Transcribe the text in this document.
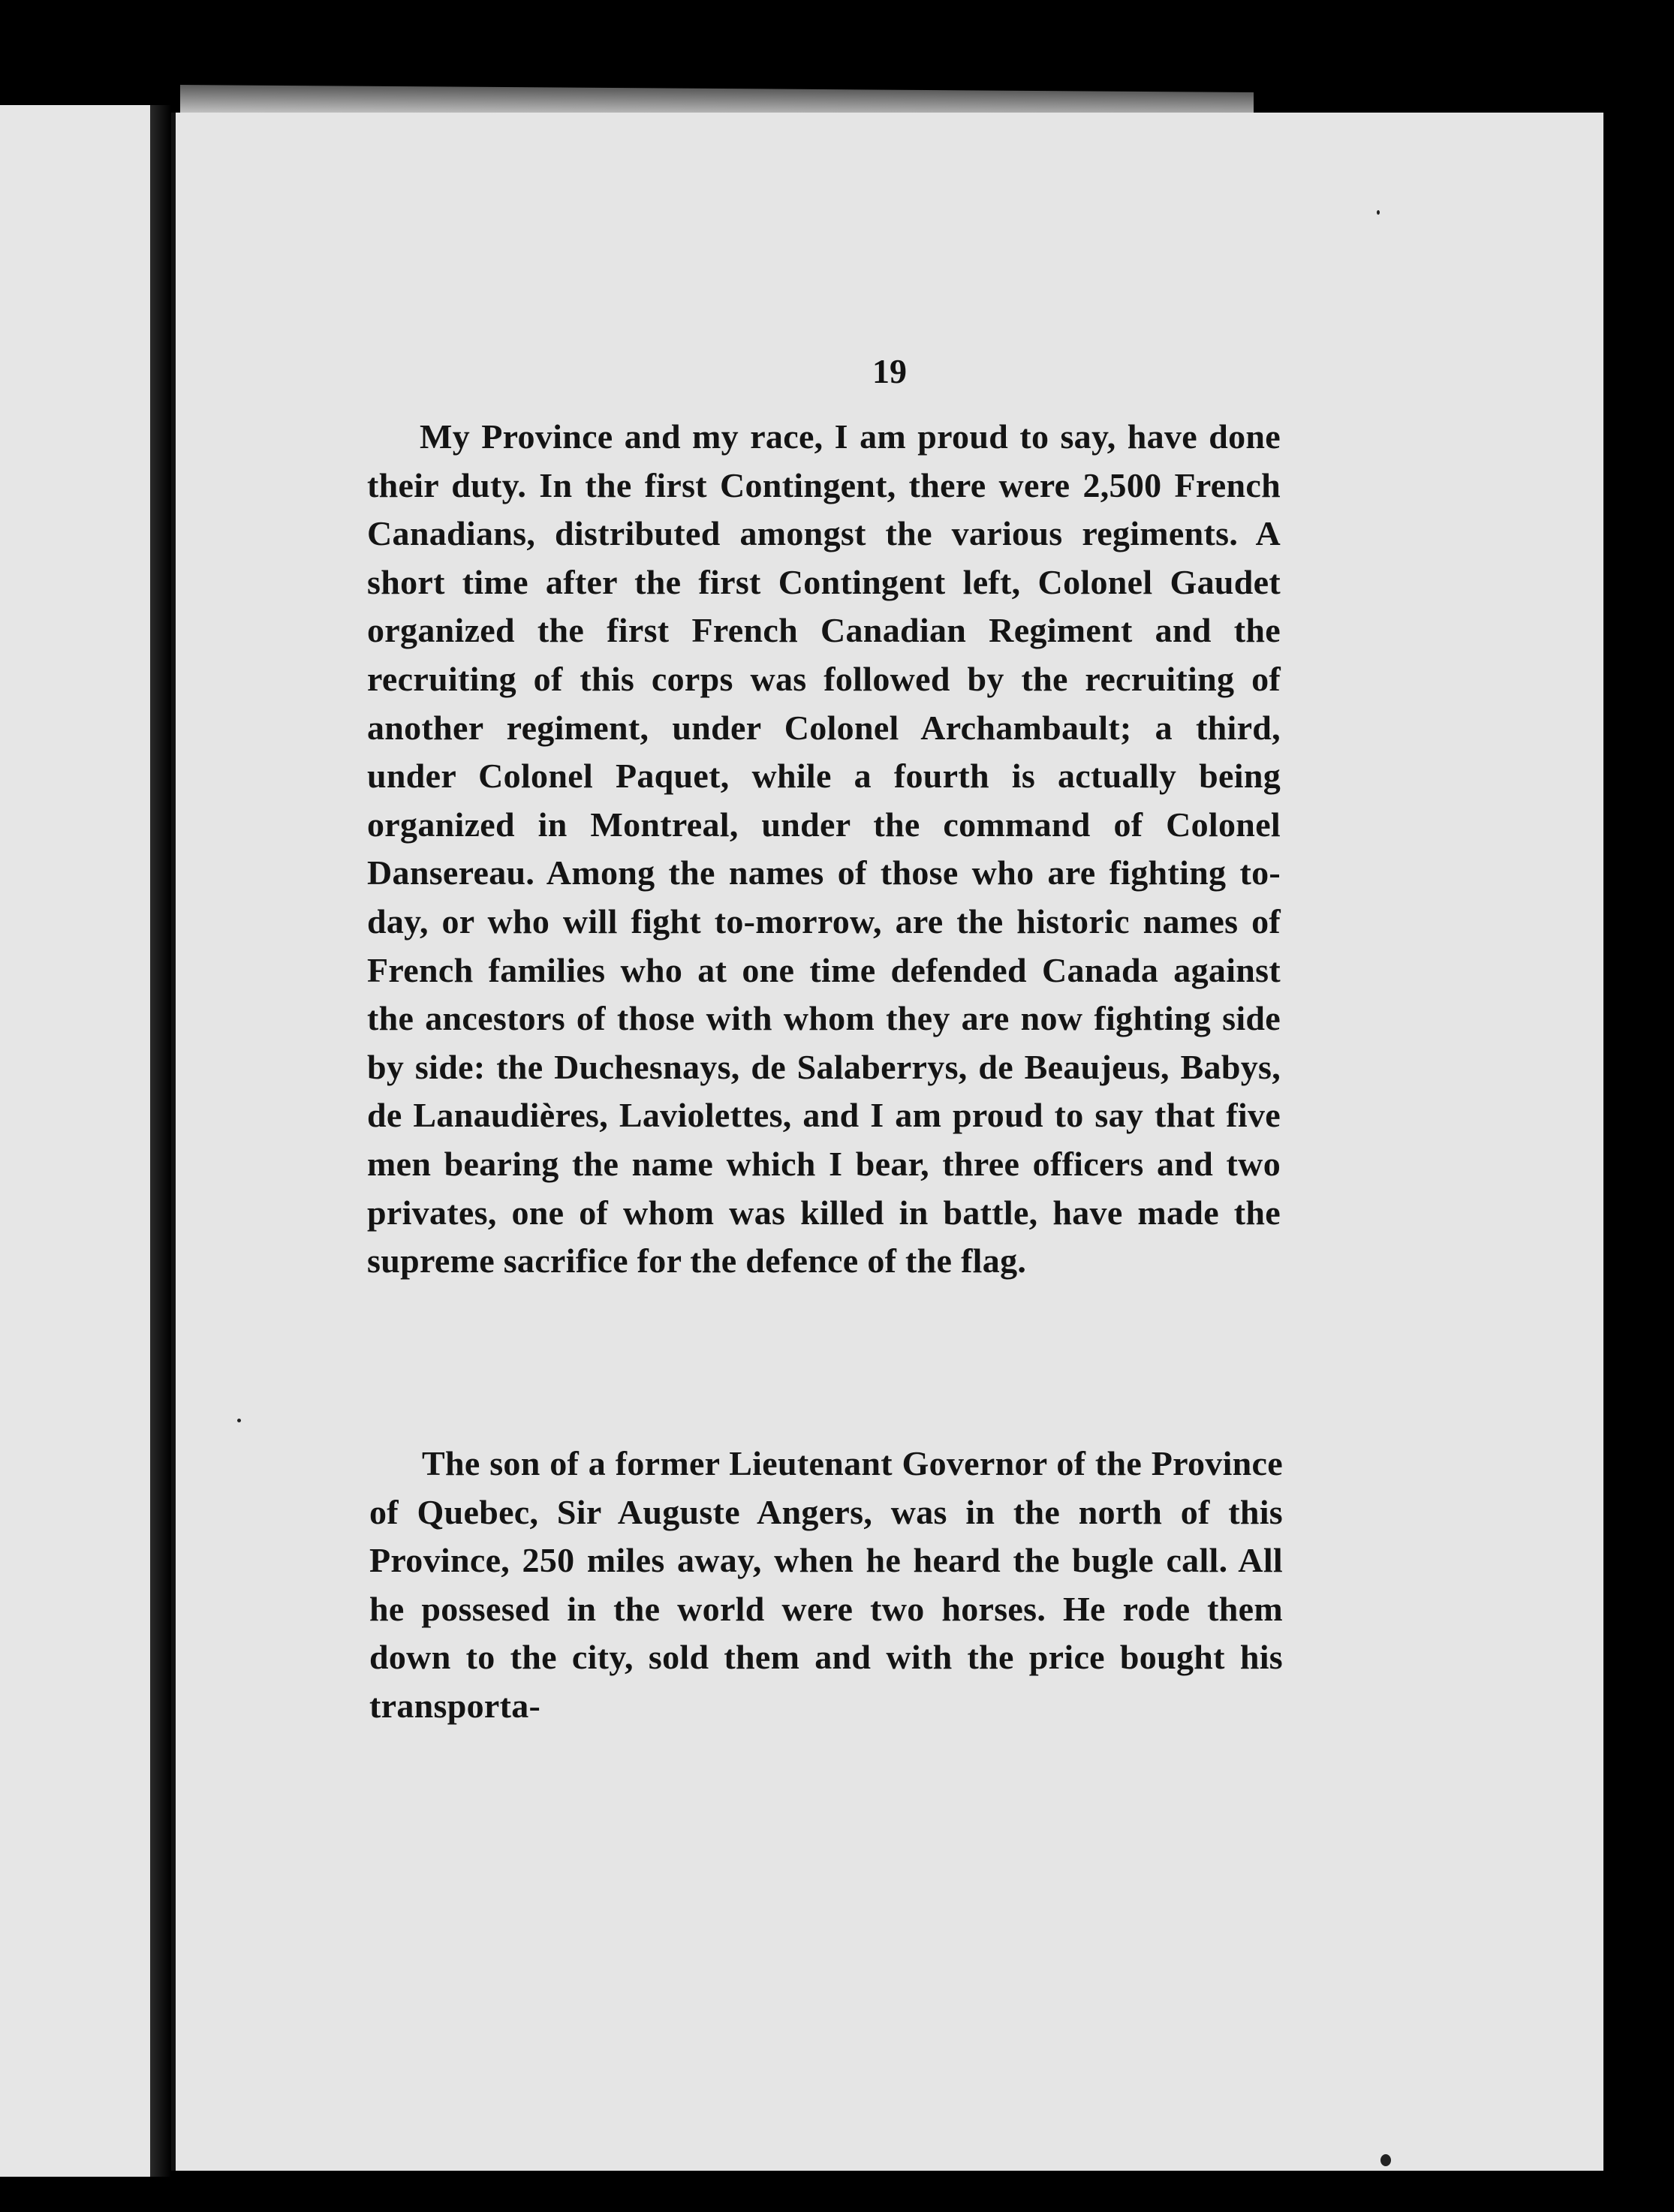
19

My Province and my race, I am proud to say, have done their duty. In the first Contingent, there were 2,500 French Canadians, distributed amongst the various regiments. A short time after the first Contingent left, Colonel Gaudet organized the first French Canadian Regiment and the recruiting of this corps was followed by the recruiting of another regiment, under Colonel Archambault; a third, under Colonel Paquet, while a fourth is actually being organized in Montreal, under the command of Colonel Dansereau. Among the names of those who are fighting to-day, or who will fight to-morrow, are the historic names of French families who at one time defended Canada against the ancestors of those with whom they are now fighting side by side: the Duchesnays, de Salaberrys, de Beaujeus, Babys, de Lanaudières, Laviolettes, and I am proud to say that five men bearing the name which I bear, three officers and two privates, one of whom was killed in battle, have made the supreme sacrifice for the defence of the flag.

The son of a former Lieutenant Governor of the Province of Quebec, Sir Auguste Angers, was in the north of this Province, 250 miles away, when he heard the bugle call. All he possesed in the world were two horses. He rode them down to the city, sold them and with the price bought his transporta-
